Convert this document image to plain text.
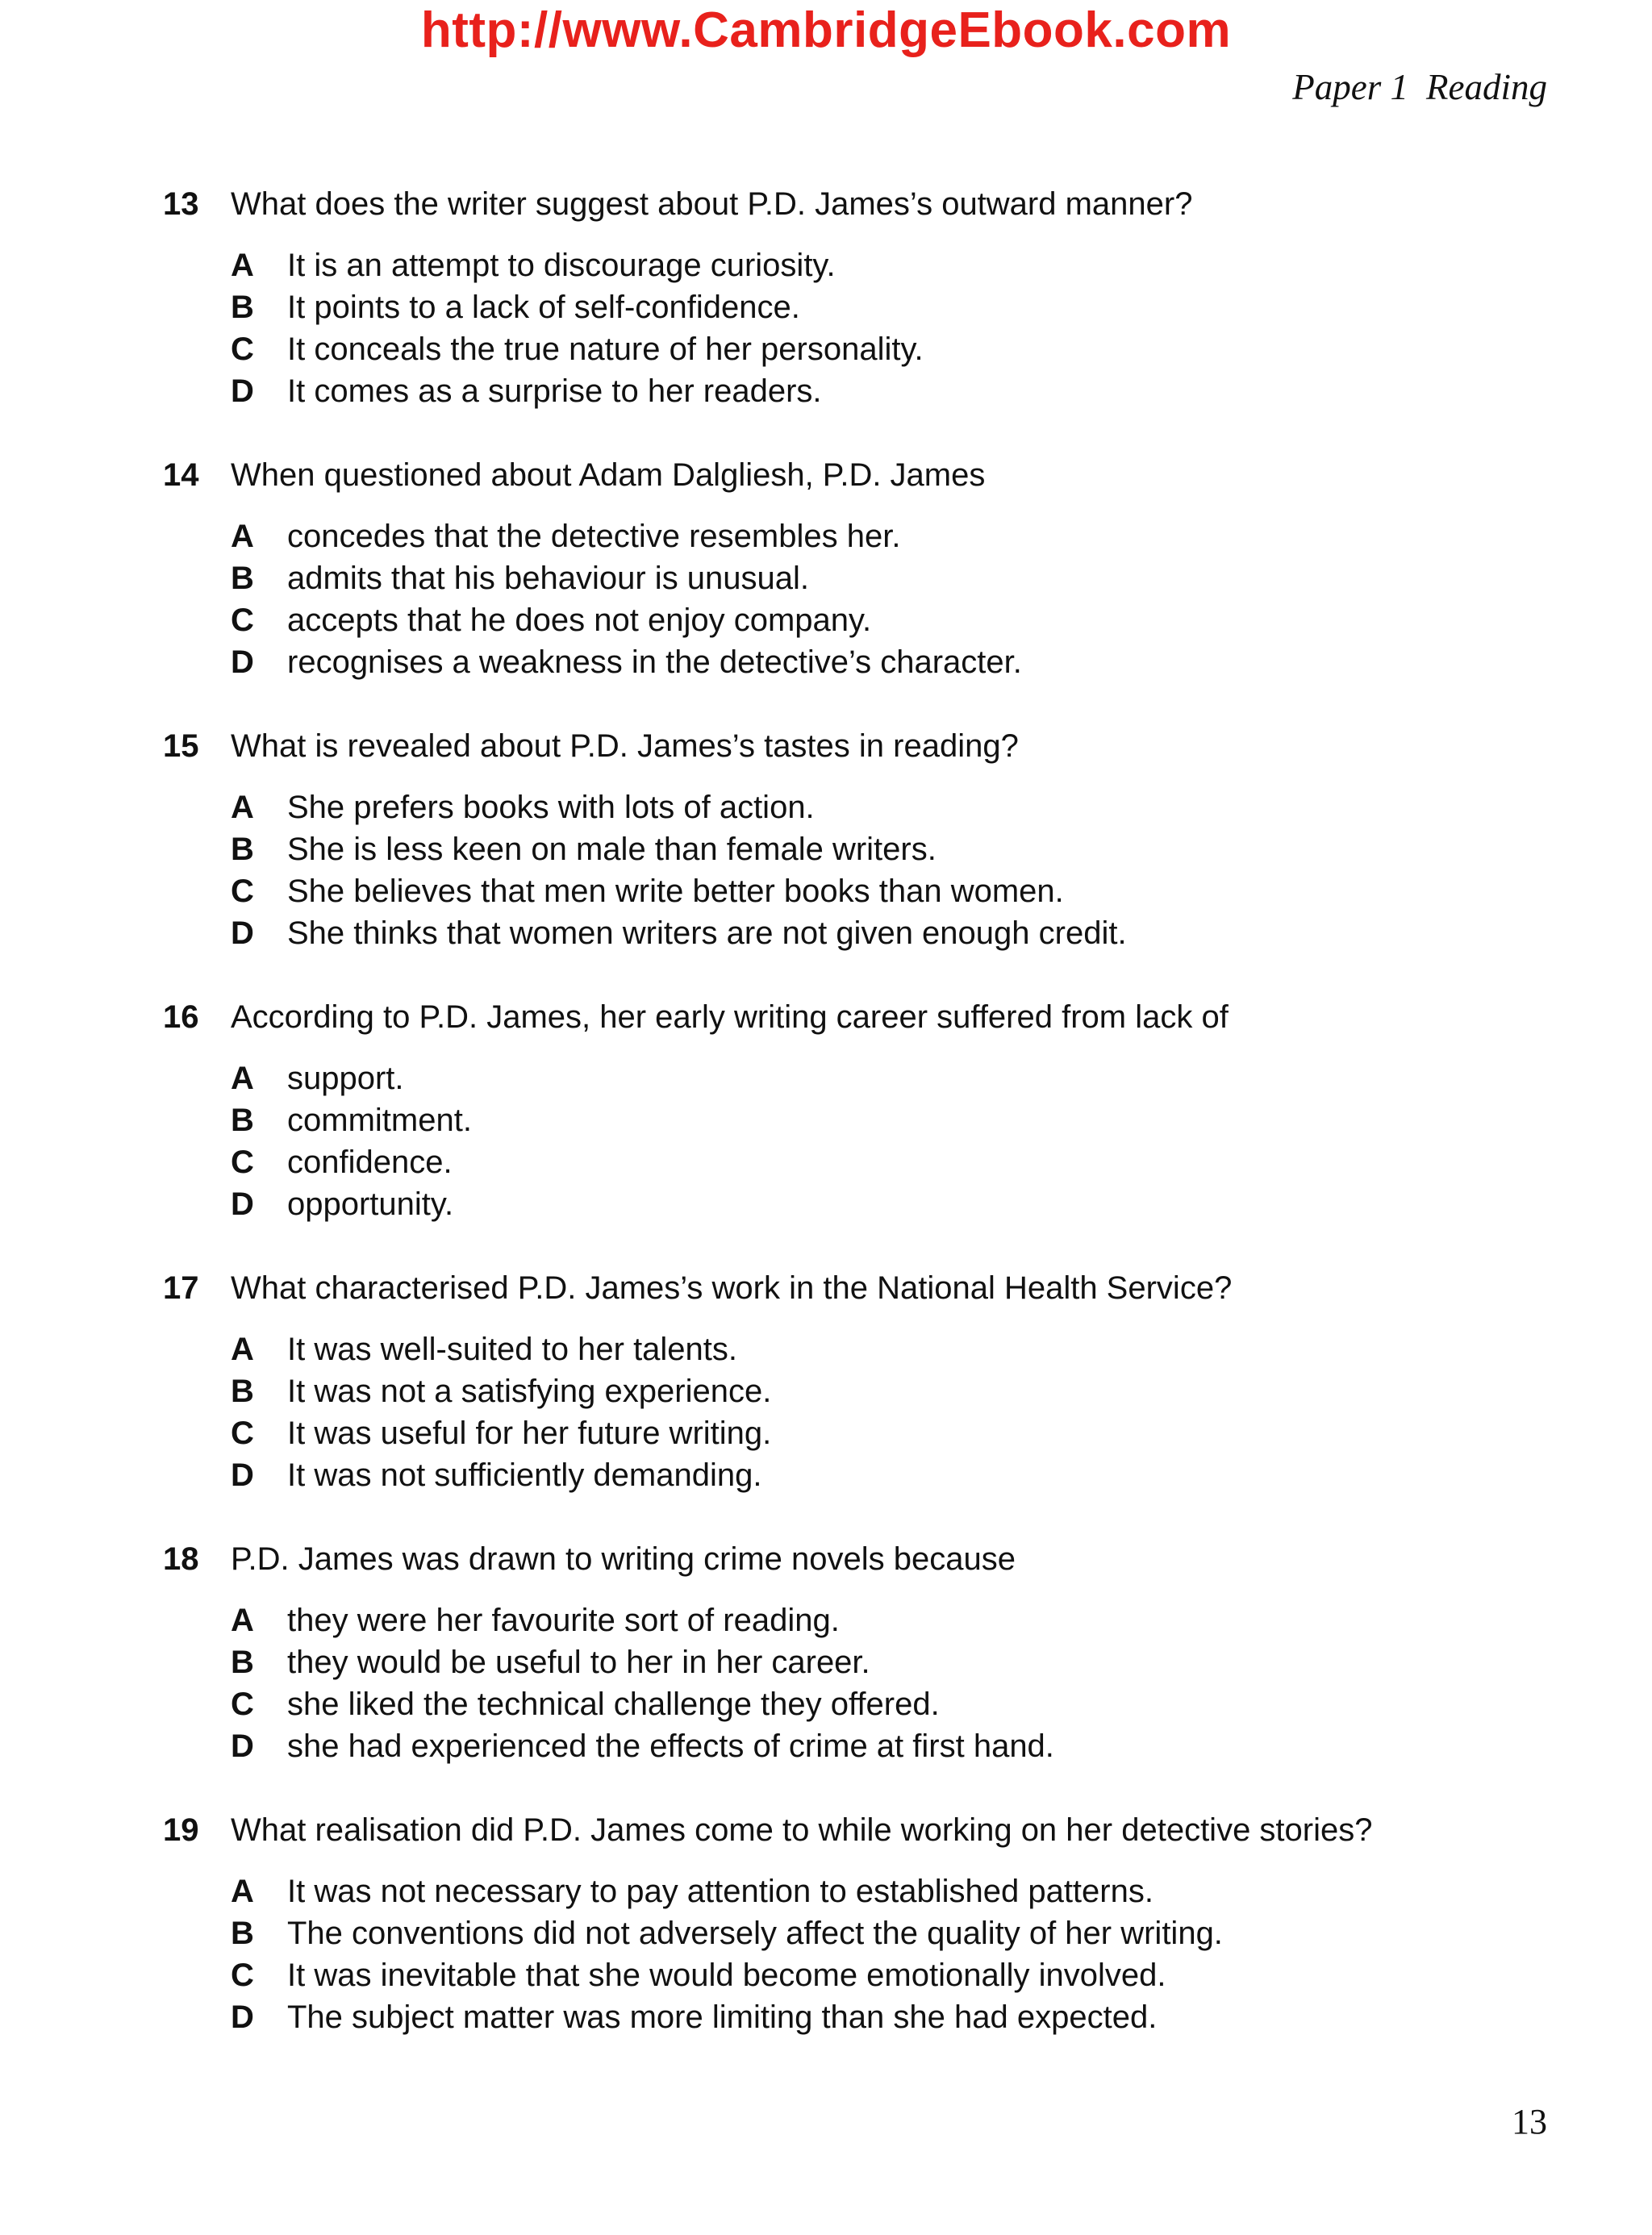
http://www.CambridgeEbook.com
Paper 1 Reading
13 What does the writer suggest about P.D. James’s outward manner?
A	It is an attempt to discourage curiosity.
B	It points to a lack of self-confidence.
C	It conceals the true nature of her personality.
D	It comes as a surprise to her readers.
14 When questioned about Adam Dalgliesh, P.D. James
A	concedes that the detective resembles her.
B	admits that his behaviour is unusual.
C	accepts that he does not enjoy company.
D	recognises a weakness in the detective’s character.
15 What is revealed about P.D. James’s tastes in reading?
A	She prefers books with lots of action.
B	She is less keen on male than female writers.
C	She believes that men write better books than women.
D	She thinks that women writers are not given enough credit.
16 According to P.D. James, her early writing career suffered from lack of
A	support.
B	commitment.
C	confidence.
D	opportunity.
17 What characterised P.D. James’s work in the National Health Service?
A	It was well-suited to her talents.
B	It was not a satisfying experience.
C	It was useful for her future writing.
D	It was not sufficiently demanding.
18 P.D. James was drawn to writing crime novels because
A	they were her favourite sort of reading.
B	they would be useful to her in her career.
C	she liked the technical challenge they offered.
D	she had experienced the effects of crime at first hand.
19 What realisation did P.D. James come to while working on her detective stories?
A	It was not necessary to pay attention to established patterns.
B	The conventions did not adversely affect the quality of her writing.
C	It was inevitable that she would become emotionally involved.
D	The subject matter was more limiting than she had expected.
13
